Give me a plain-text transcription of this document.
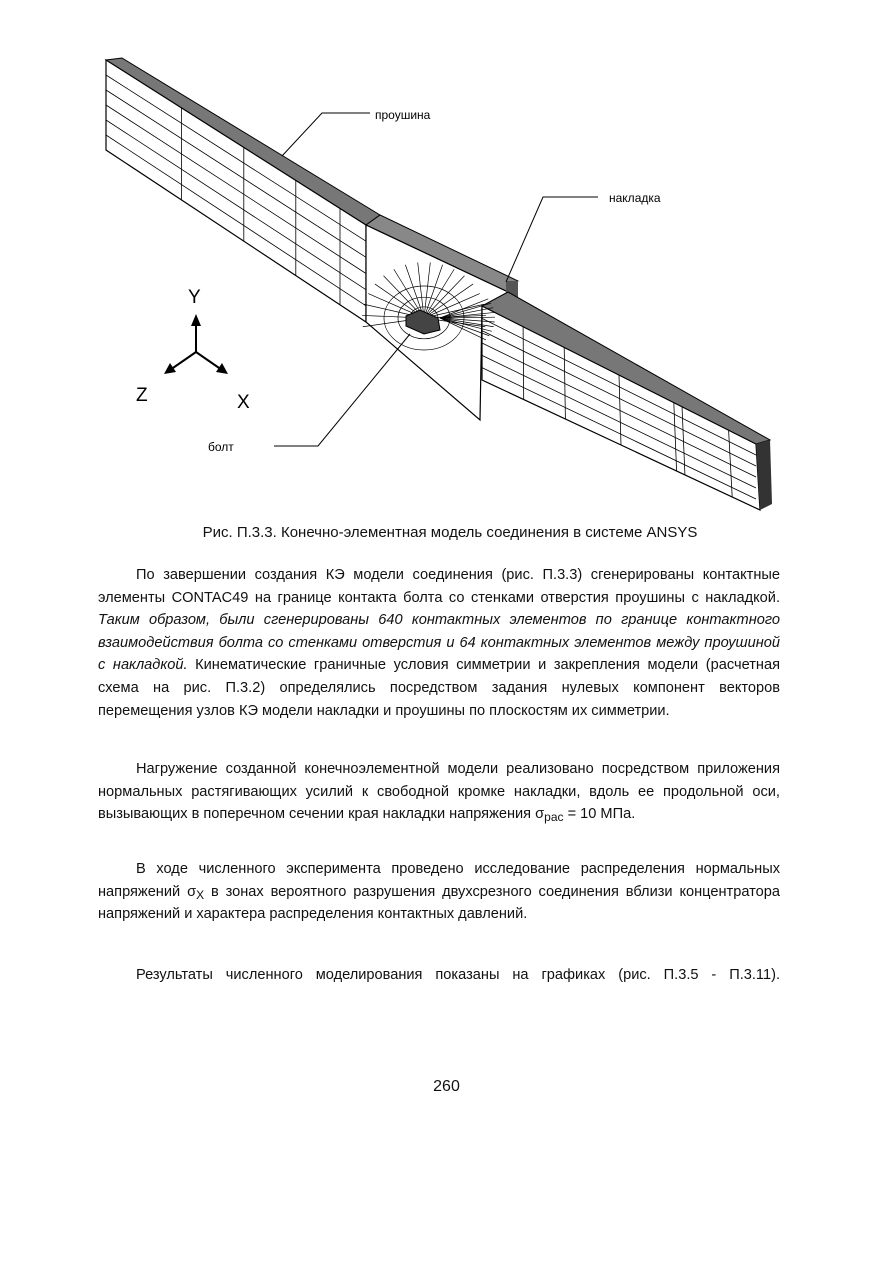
проушина
накладка
болт
Y
Z	X
Рис. П.3.3. Конечно-элементная модель соединения в системе ANSYS
По завершении создания КЭ модели соединения (рис. П.3.3) сгенерированы контактные элементы CONTAC49 на границе контакта болта со стенками отверстия проушины с накладкой. Таким образом, были сгенерированы 640 контактных элементов по границе контактного взаимодействия болта со стенками отверстия и 64 контактных элементов между проушиной с накладкой. Кинематические граничные условия симметрии и закрепления модели (расчетная схема на рис. П.3.2) определялись посредством задания нулевых компонент векторов перемещения узлов КЭ модели накладки и проушины по плоскостям их симметрии.
Нагружение созданной конечноэлементной модели реализовано посредством приложения нормальных растягивающих усилий к свободной кромке накладки, вдоль ее продольной оси, вызывающих в поперечном сечении края накладки напряжения $\sigma_{рас} = 10$ МПа.
В ходе численного эксперимента проведено исследование распределения нормальных напряжений $\sigma_X$ в зонах вероятного разрушения двухсрезного соединения вблизи концентратора напряжений и характера распределения контактных давлений.
Результаты численного моделирования показаны на графиках (рис. П.3.5 - П.3.11).
260
